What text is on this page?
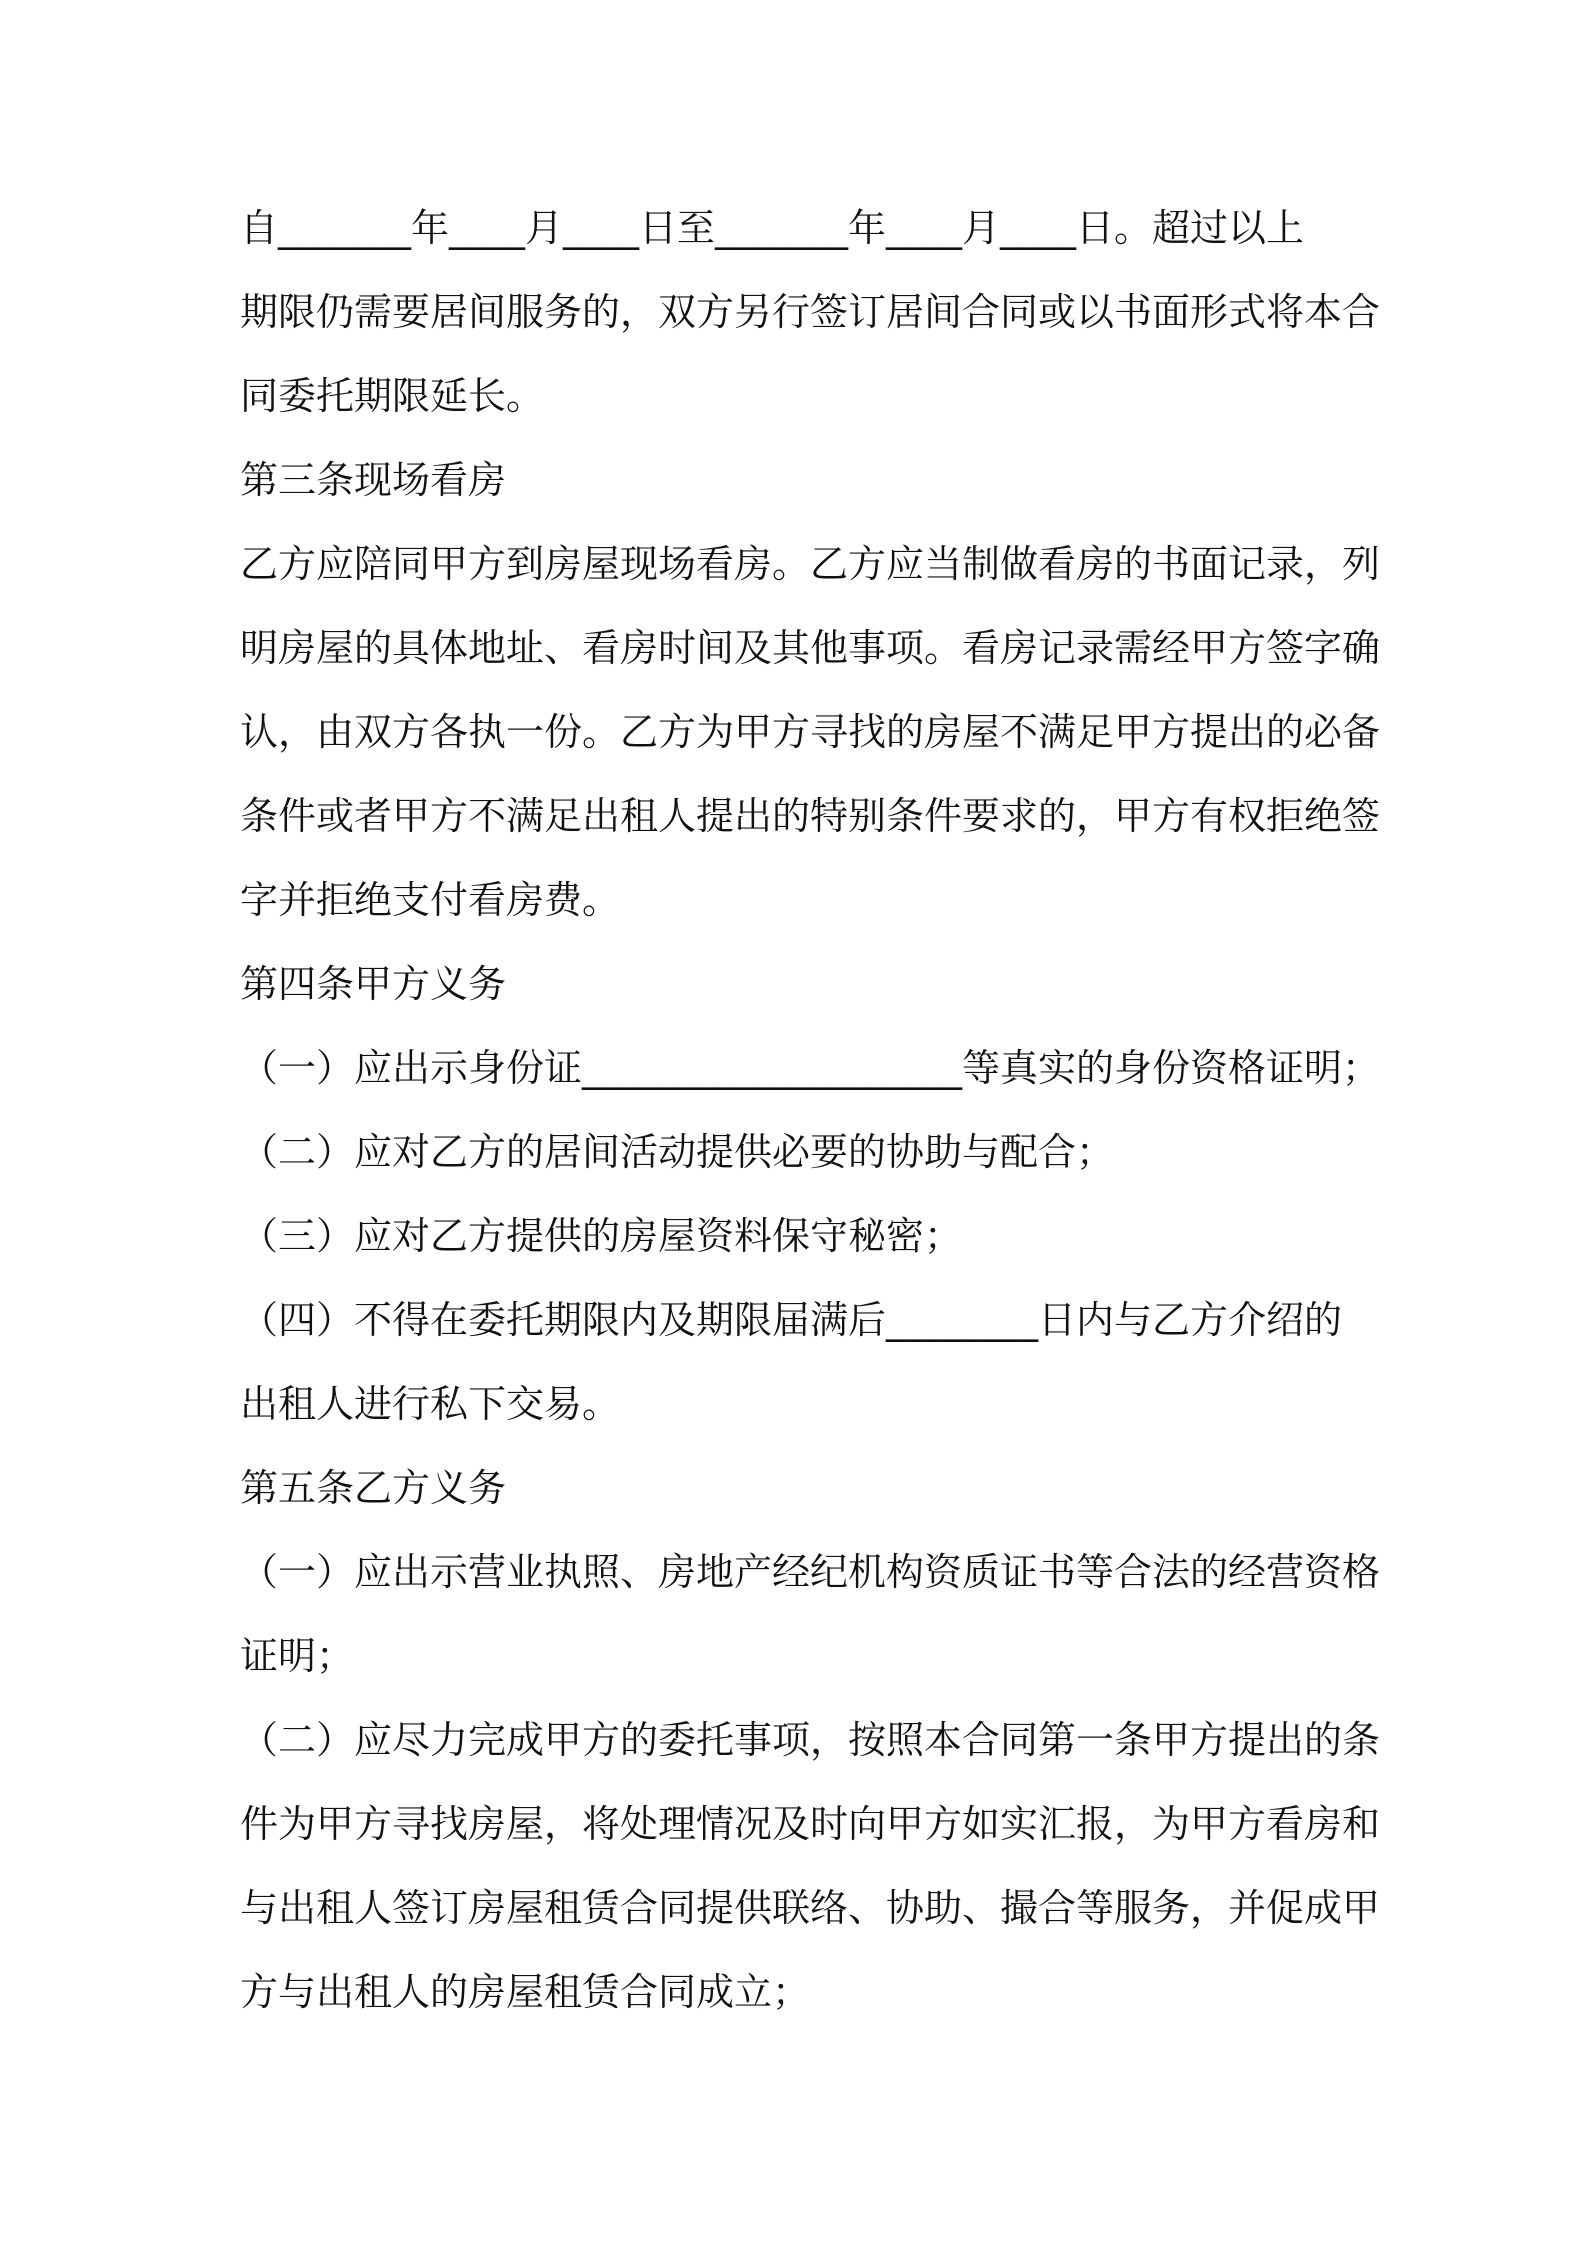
自_______年____月____日至_______年____月____日。超过以上
期限仍需要居间服务的，双方另行签订居间合同或以书面形式将本合
同委托期限延长。
第三条现场看房
乙方应陪同甲方到房屋现场看房。乙方应当制做看房的书面记录，列
明房屋的具体地址、看房时间及其他事项。看房记录需经甲方签字确
认，由双方各执一份。乙方为甲方寻找的房屋不满足甲方提出的必备
条件或者甲方不满足出租人提出的特别条件要求的，甲方有权拒绝签
字并拒绝支付看房费。
第四条甲方义务
（一）应出示身份证____________________等真实的身份资格证明；
（二）应对乙方的居间活动提供必要的协助与配合；
（三）应对乙方提供的房屋资料保守秘密；
（四）不得在委托期限内及期限届满后________日内与乙方介绍的
出租人进行私下交易。
第五条乙方义务
（一）应出示营业执照、房地产经纪机构资质证书等合法的经营资格
证明；
（二）应尽力完成甲方的委托事项，按照本合同第一条甲方提出的条
件为甲方寻找房屋，将处理情况及时向甲方如实汇报，为甲方看房和
与出租人签订房屋租赁合同提供联络、协助、撮合等服务，并促成甲
方与出租人的房屋租赁合同成立；
